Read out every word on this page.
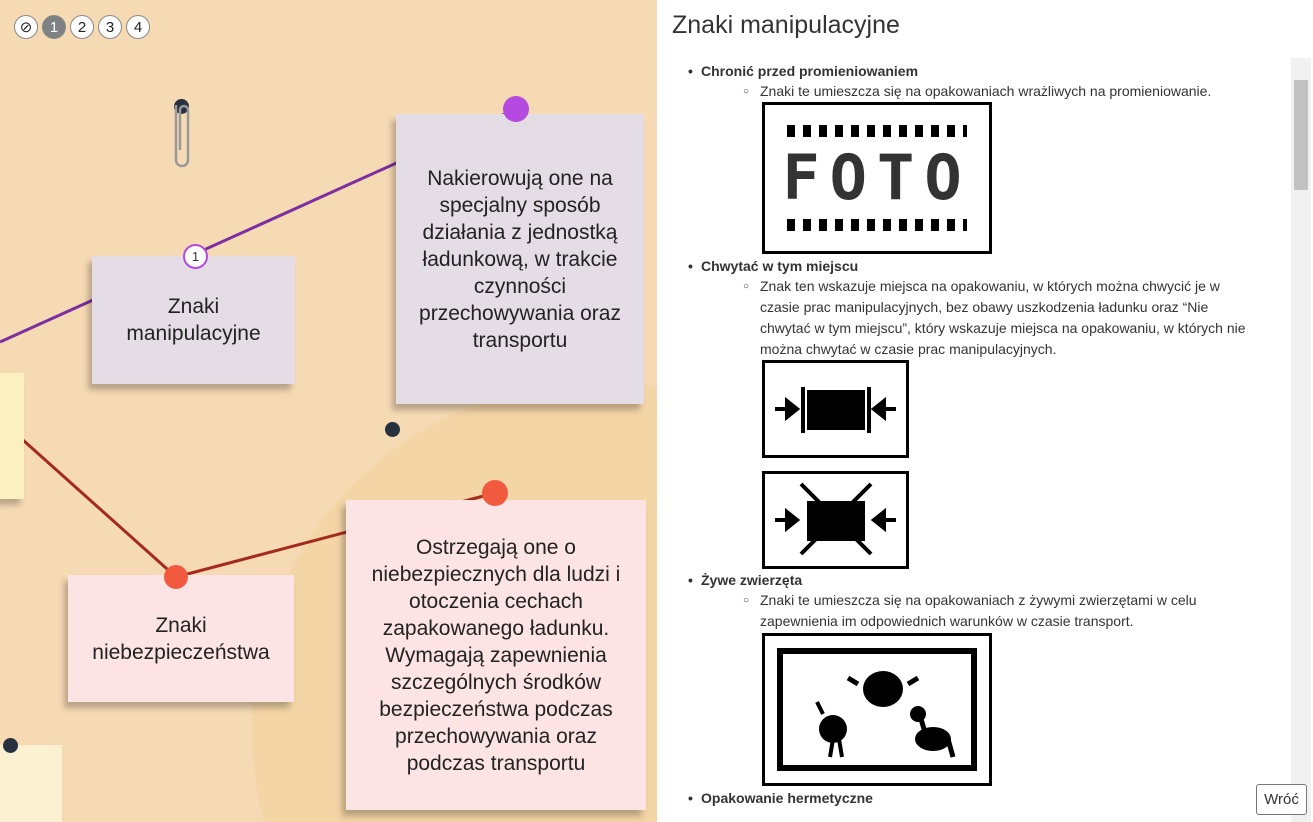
Znaki manipulacyjne
Nakierowują one na specjalny sposób działania z jednostką ładunkową, w trakcie czynności przechowywania oraz transportu
Znaki niebezpieczeństwa
Ostrzegają one o niebezpiecznych dla ludzi i otoczenia cechach zapakowanego ładunku. Wymagają zapewnienia szczególnych środków bezpieczeństwa podczas przechowywania oraz podczas transportu
1
⊘	1	2	3	4	Znaki manipulacyjne
• Chronić przed promieniowaniem
○ Znaki te umieszcza się na opakowaniach wrażliwych na promieniowanie.
FOTO
• Chwytać w tym miejscu
○ Znak ten wskazuje miejsca na opakowaniu, w których można chwycić je w czasie prac manipulacyjnych, bez obawy uszkodzenia ładunku oraz “Nie chwytać w tym miejscu”, który wskazuje miejsca na opakowaniu, w których nie można chwytać w czasie prac manipulacyjnych.
• Żywe zwierzęta
○ Znaki te umieszcza się na opakowaniach z żywymi zwierzętami w celu zapewnienia im odpowiednich warunków w czasie transport.
• Opakowanie hermetyczne	Wróć
